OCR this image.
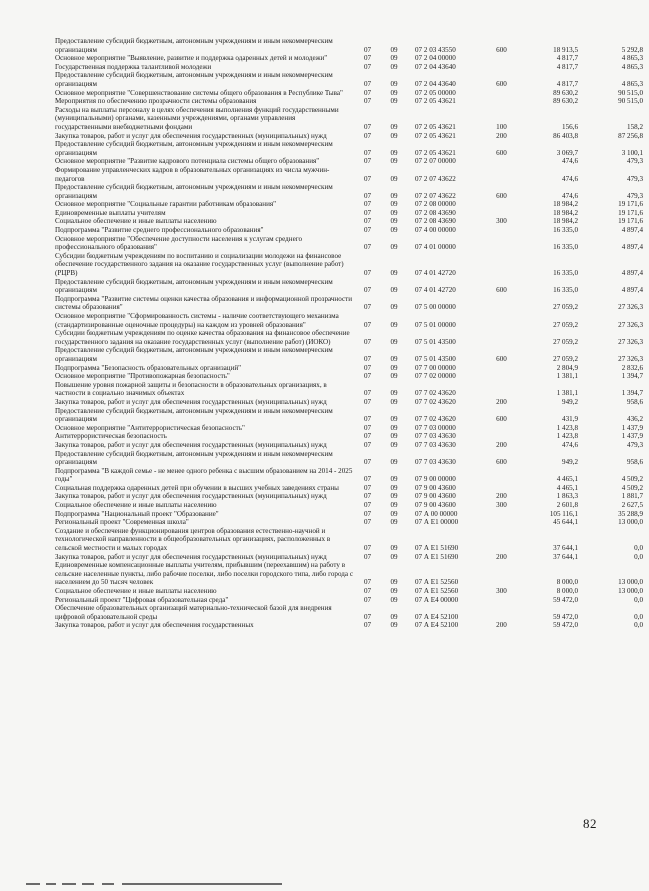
Предоставление субсидий бюджетным, автономным учреждениям и иным некоммерческим организациям	07	09	07 2 03 43550	600	18 913,5	5 292,8
Основное мероприятие "Выявление, развитие и поддержка одаренных детей и молодежи"	07	09	07 2 04 00000		4 817,7	4 865,3
Государственная поддержка талантливой молодежи	07	09	07 2 04 43640		4 817,7	4 865,3
Предоставление субсидий бюджетным, автономным учреждениям и иным некоммерческим организациям	07	09	07 2 04 43640	600	4 817,7	4 865,3
Основное мероприятие "Совершенствование системы общего образования в Республике Тыва"	07	09	07 2 05 00000		89 630,2	90 515,0
Мероприятия по обеспечению прозрачности системы образования	07	09	07 2 05 43621		89 630,2	90 515,0
Расходы на выплаты персоналу в целях обеспечения выполнения функций государственными (муниципальными) органами, казенными учреждениями, органами управления государственными внебюджетными фондами	07	09	07 2 05 43621	100	156,6	158,2
Закупка товаров, работ и услуг для обеспечения государственных (муниципальных) нужд	07	09	07 2 05 43621	200	86 403,8	87 256,8
Предоставление субсидий бюджетным, автономным учреждениям и иным некоммерческим организациям	07	09	07 2 05 43621	600	3 069,7	3 100,1
Основное мероприятие "Развитие кадрового потенциала системы общего образования"	07	09	07 2 07 00000		474,6	479,3
Формирование управленческих кадров в образовательных организациях из числа мужчин-педагогов	07	09	07 2 07 43622		474,6	479,3
Предоставление субсидий бюджетным, автономным учреждениям и иным некоммерческим организациям	07	09	07 2 07 43622	600	474,6	479,3
Основное мероприятие "Социальные гарантии работникам образования"	07	09	07 2 08 00000		18 984,2	19 171,6
Единовременные выплаты учителям	07	09	07 2 08 43690		18 984,2	19 171,6
Социальное обеспечение и иные выплаты населению	07	09	07 2 08 43690	300	18 984,2	19 171,6
Подпрограмма "Развитие среднего профессионального образования"	07	09	07 4 00 00000		16 335,0	4 897,4
Основное мероприятие "Обеспечение доступности населения к услугам среднего профессионального образования"	07	09	07 4 01 00000		16 335,0	4 897,4
Субсидии бюджетным учреждениям по воспитанию и социализации молодежи на финансовое обеспечение государственного задания на оказание государственных услуг (выполнение работ) (РЦРВ)	07	09	07 4 01 42720		16 335,0	4 897,4
Предоставление субсидий бюджетным, автономным учреждениям и иным некоммерческим организациям	07	09	07 4 01 42720	600	16 335,0	4 897,4
Подпрограмма "Развитие системы оценки качества образования и информационной прозрачности системы образования"	07	09	07 5 00 00000		27 059,2	27 326,3
Основное мероприятие "Сформированность системы - наличие соответствующего механизма (стандартизированные оценочные процедуры) на каждом из уровней образования"	07	09	07 5 01 00000		27 059,2	27 326,3
Субсидии бюджетным учреждениям по оценке качества образования на финансовое обеспечение государственного задания на оказание государственных услуг (выполнение работ) (ИОКО)	07	09	07 5 01 43500		27 059,2	27 326,3
Предоставление субсидий бюджетным, автономным учреждениям и иным некоммерческим организациям	07	09	07 5 01 43500	600	27 059,2	27 326,3
Подпрограмма "Безопасность образовательных организаций"	07	09	07 7 00 00000		2 804,9	2 832,6
Основное мероприятие "Противопожарная безопасность"	07	09	07 7 02 00000		1 381,1	1 394,7
Повышение уровня пожарной защиты и безопасности в образовательных организациях, в частности в социально значимых объектах	07	09	07 7 02 43620		1 381,1	1 394,7
Закупка товаров, работ и услуг для обеспечения государственных (муниципальных) нужд	07	09	07 7 02 43620	200	949,2	958,6
Предоставление субсидий бюджетным, автономным учреждениям и иным некоммерческим организациям	07	09	07 7 02 43620	600	431,9	436,2
Основное мероприятие "Антитеррористическая безопасность"	07	09	07 7 03 00000		1 423,8	1 437,9
Антитеррористическая безопасность	07	09	07 7 03 43630		1 423,8	1 437,9
Закупка товаров, работ и услуг для обеспечения государственных (муниципальных) нужд	07	09	07 7 03 43630	200	474,6	479,3
Предоставление субсидий бюджетным, автономным учреждениям и иным некоммерческим организациям	07	09	07 7 03 43630	600	949,2	958,6
Подпрограмма "В каждой семье - не менее одного ребенка с высшим образованием на 2014 - 2025 годы"	07	09	07 9 00 00000		4 465,1	4 509,2
Социальная поддержка одаренных детей при обучении в высших учебных заведениях страны	07	09	07 9 00 43600		4 465,1	4 509,2
Закупка товаров, работ и услуг для обеспечения государственных (муниципальных) нужд	07	09	07 9 00 43600	200	1 863,3	1 881,7
Социальное обеспечение и иные выплаты населению	07	09	07 9 00 43600	300	2 601,8	2 627,5
Подпрограмма "Национальный проект "Образование"	07	09	07 А 00 00000		105 116,1	35 288,9
Региональный проект "Современная школа"	07	09	07 А E1 00000		45 644,1	13 000,0
Создание и обеспечение функционирования центров образования естественно-научной и технологической направленности в общеобразовательных организациях, расположенных в сельской местности и малых городах	07	09	07 А E1 51690		37 644,1	0,0
Закупка товаров, работ и услуг для обеспечения государственных (муниципальных) нужд	07	09	07 А E1 51690	200	37 644,1	0,0
Единовременные компенсационные выплаты учителям, прибывшим (переехавшим) на работу в сельские населенные пункты, либо рабочие поселки, либо поселки городского типа, либо города с населением до 50 тысяч человек	07	09	07 А E1 52560		8 000,0	13 000,0
Социальное обеспечение и иные выплаты населению	07	09	07 А E1 52560	300	8 000,0	13 000,0
Региональный проект "Цифровая образовательная среда"	07	09	07 А E4 00000		59 472,0	0,0
Обеспечение образовательных организаций материально-технической базой для внедрения цифровой образовательной среды	07	09	07 А E4 52100		59 472,0	0,0
Закупка товаров, работ и услуг для обеспечения государственных	07	09	07 А E4 52100	200	59 472,0	0,0
82
